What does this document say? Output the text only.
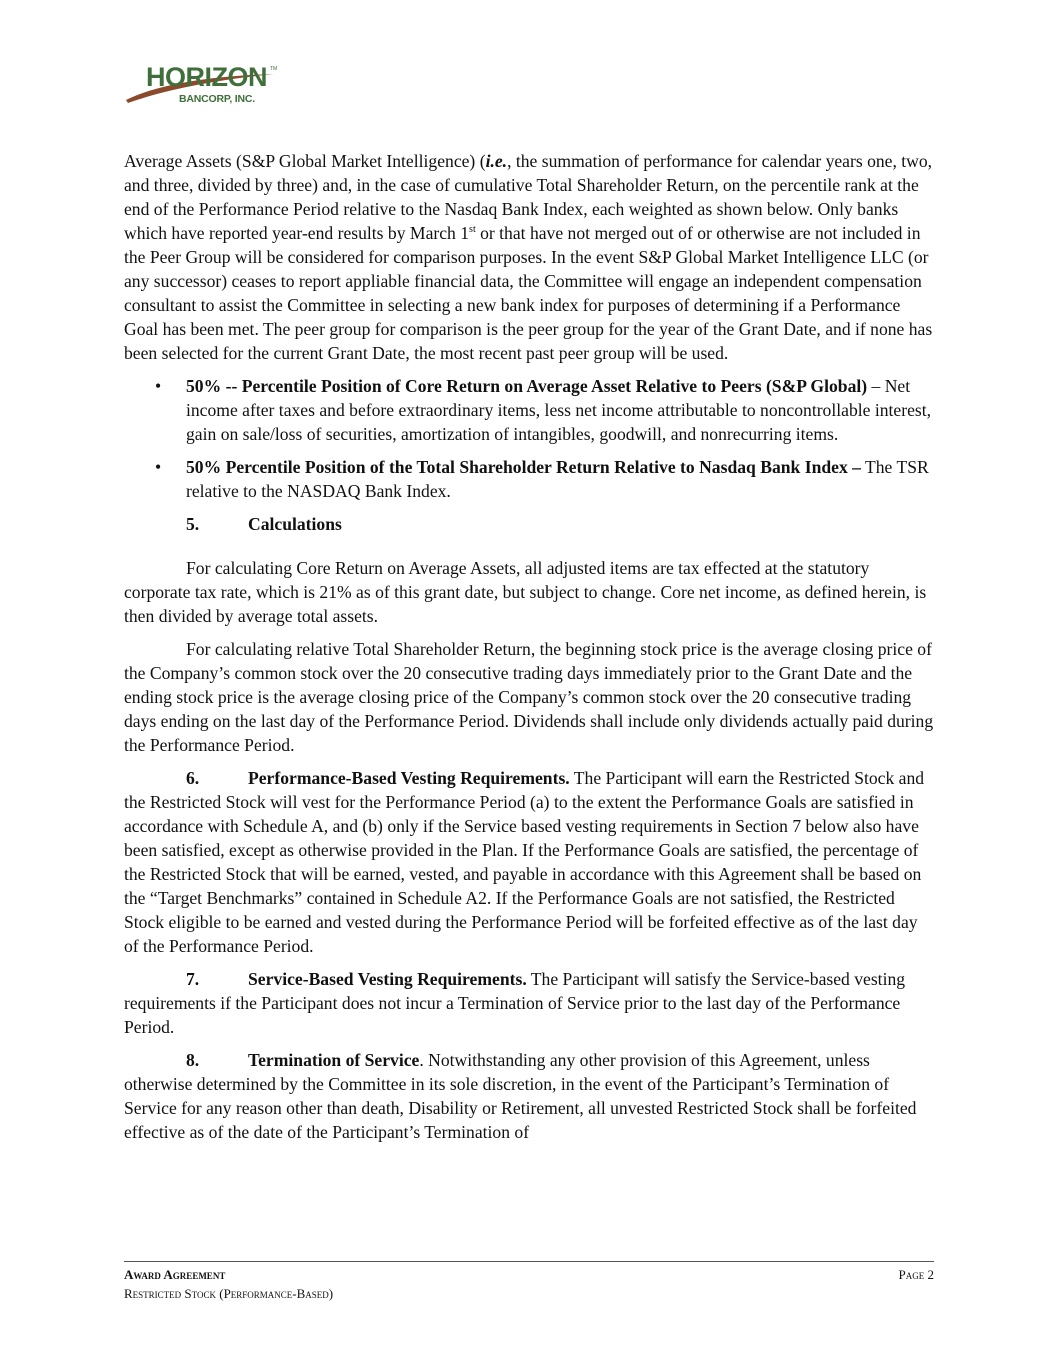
HORIZON TM
BANCORP, INC.

Average Assets (S&P Global Market Intelligence) (i.e., the summation of performance for calendar years one, two, and three, divided by three) and, in the case of cumulative Total Shareholder Return, on the percentile rank at the end of the Performance Period relative to the Nasdaq Bank Index, each weighted as shown below. Only banks which have reported year-end results by March 1st or that have not merged out of or otherwise are not included in the Peer Group will be considered for comparison purposes. In the event S&P Global Market Intelligence LLC (or any successor) ceases to report appliable financial data, the Committee will engage an independent compensation consultant to assist the Committee in selecting a new bank index for purposes of determining if a Performance Goal has been met. The peer group for comparison is the peer group for the year of the Grant Date, and if none has been selected for the current Grant Date, the most recent past peer group will be used.

• 50% -- Percentile Position of Core Return on Average Asset Relative to Peers (S&P Global) – Net income after taxes and before extraordinary items, less net income attributable to noncontrollable interest, gain on sale/loss of securities, amortization of intangibles, goodwill, and nonrecurring items.
• 50% Percentile Position of the Total Shareholder Return Relative to Nasdaq Bank Index – The TSR relative to the NASDAQ Bank Index.

5.	Calculations

For calculating Core Return on Average Assets, all adjusted items are tax effected at the statutory corporate tax rate, which is 21% as of this grant date, but subject to change. Core net income, as defined herein, is then divided by average total assets.

For calculating relative Total Shareholder Return, the beginning stock price is the average closing price of the Company’s common stock over the 20 consecutive trading days immediately prior to the Grant Date and the ending stock price is the average closing price of the Company’s common stock over the 20 consecutive trading days ending on the last day of the Performance Period. Dividends shall include only dividends actually paid during the Performance Period.

6.	Performance-Based Vesting Requirements. The Participant will earn the Restricted Stock and the Restricted Stock will vest for the Performance Period (a) to the extent the Performance Goals are satisfied in accordance with Schedule A, and (b) only if the Service based vesting requirements in Section 7 below also have been satisfied, except as otherwise provided in the Plan. If the Performance Goals are satisfied, the percentage of the Restricted Stock that will be earned, vested, and payable in accordance with this Agreement shall be based on the “Target Benchmarks” contained in Schedule A2. If the Performance Goals are not satisfied, the Restricted Stock eligible to be earned and vested during the Performance Period will be forfeited effective as of the last day of the Performance Period.

7.	Service-Based Vesting Requirements. The Participant will satisfy the Service-based vesting requirements if the Participant does not incur a Termination of Service prior to the last day of the Performance Period.

8.	Termination of Service. Notwithstanding any other provision of this Agreement, unless otherwise determined by the Committee in its sole discretion, in the event of the Participant’s Termination of Service for any reason other than death, Disability or Retirement, all unvested Restricted Stock shall be forfeited effective as of the date of the Participant’s Termination of

Award Agreement
Restricted Stock (Performance-Based)
Page 2
